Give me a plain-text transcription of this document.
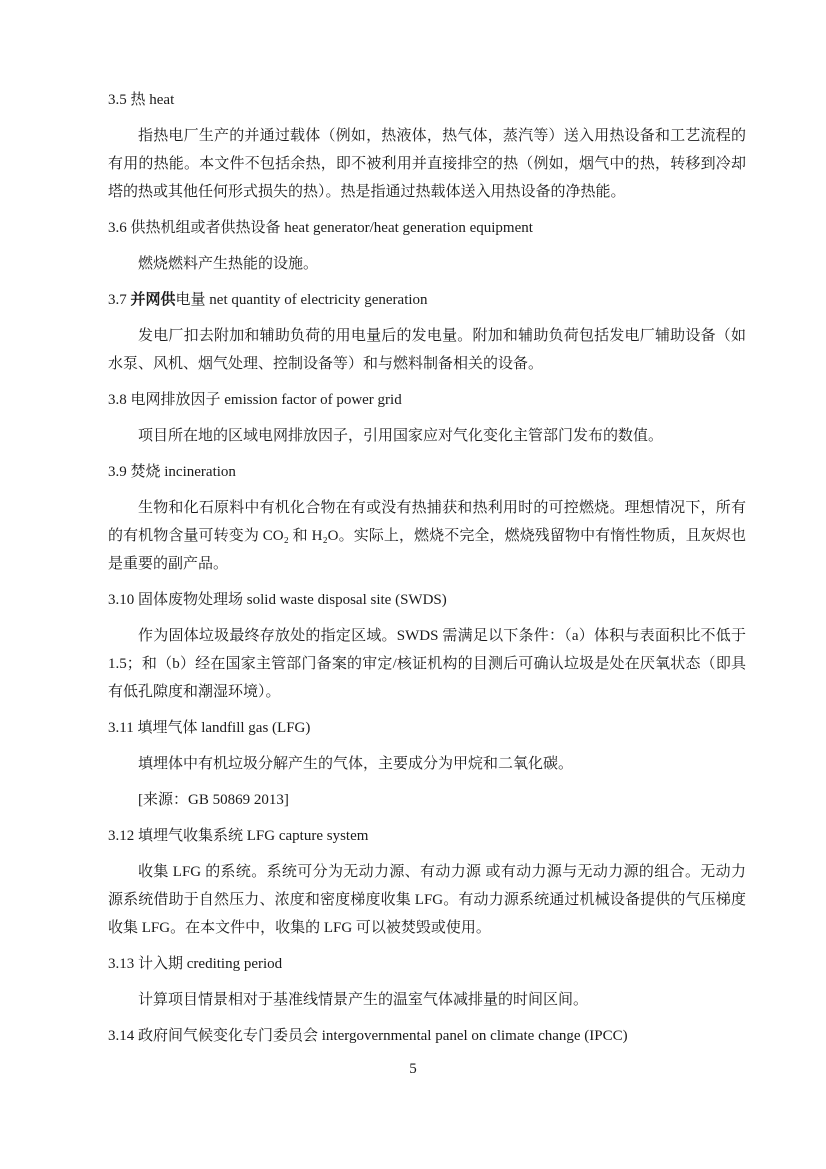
3.5 热 heat

指热电厂生产的并通过载体（例如，热液体，热气体，蒸汽等）送入用热设备和工艺流程的有用的热能。本文件不包括余热，即不被利用并直接排空的热（例如，烟气中的热，转移到冷却塔的热或其他任何形式损失的热）。热是指通过热载体送入用热设备的净热能。

3.6 供热机组或者供热设备 heat generator/heat generation equipment

燃烧燃料产生热能的设施。

3.7 并网供电量 net quantity of electricity generation

发电厂扣去附加和辅助负荷的用电量后的发电量。附加和辅助负荷包括发电厂辅助设备（如水泵、风机、烟气处理、控制设备等）和与燃料制备相关的设备。

3.8 电网排放因子 emission factor of power grid

项目所在地的区域电网排放因子，引用国家应对气化变化主管部门发布的数值。

3.9 焚烧 incineration

生物和化石原料中有机化合物在有或没有热捕获和热利用时的可控燃烧。理想情况下，所有的有机物含量可转变为 CO₂ 和 H₂O。实际上，燃烧不完全，燃烧残留物中有惰性物质，且灰烬也是重要的副产品。

3.10 固体废物处理场 solid waste disposal site (SWDS)

作为固体垃圾最终存放处的指定区域。SWDS 需满足以下条件：（a）体积与表面积比不低于 1.5；和（b）经在国家主管部门备案的审定/核证机构的目测后可确认垃圾是处在厌氧状态（即具有低孔隙度和潮湿环境）。

3.11 填埋气体 landfill gas (LFG)

填埋体中有机垃圾分解产生的气体，主要成分为甲烷和二氧化碳。

[来源：GB 50869 2013]

3.12 填埋气收集系统 LFG capture system

收集 LFG 的系统。系统可分为无动力源、有动力源 或有动力源与无动力源的组合。无动力源系统借助于自然压力、浓度和密度梯度收集 LFG。有动力源系统通过机械设备提供的气压梯度收集 LFG。在本文件中，收集的 LFG 可以被焚毁或使用。

3.13 计入期 crediting period

计算项目情景相对于基准线情景产生的温室气体减排量的时间区间。

3.14 政府间气候变化专门委员会 intergovernmental panel on climate change (IPCC)
5
